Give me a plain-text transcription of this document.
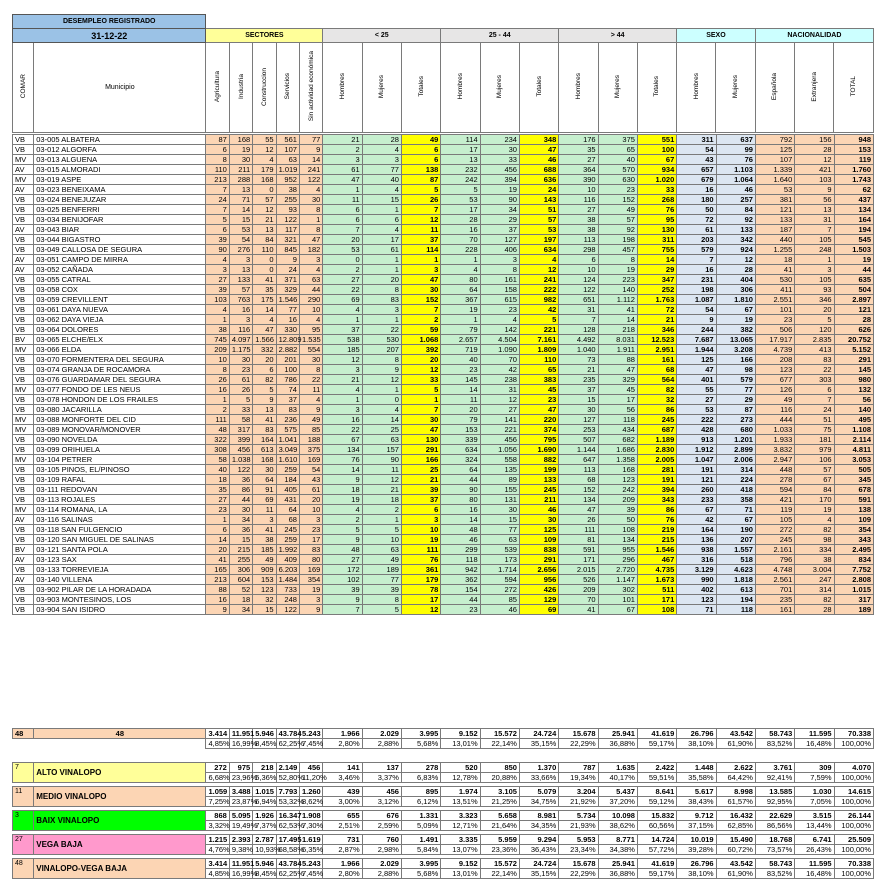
DESEMPLEO REGISTRADO																				
31-12-22		SECTORES					< 25			25 - 44			> 44			SEXO		NACIONALIDAD		
COMAR	Municipio	Agricultura	Industria	Construccion	Servicios	Sin actividad económica	Hombres	Mujeres	Totales	Hombres	Mujeres	Totales	Hombres	Mujeres	Totales	Hombres	Mujeres	Española	Extranjera	TOTAL
VB	03-005 ALBATERA	87	168	55	561	77	21	28	49	114	234	348	176	375	551	311	637	792	156	948
VB	03-012 ALGORFA	6	19	12	107	9	2	4	6	17	30	47	35	65	100	54	99	125	28	153
MV	03-013 ALGUENA	8	30	4	63	14	3	3	6	13	33	46	27	40	67	43	76	107	12	119
AV	03-015 ALMORADI	110	211	179	1.019	241	61	77	138	232	456	688	364	570	934	657	1.103	1.339	421	1.760
MV	03-019 ASPE	213	288	168	952	122	47	40	87	242	394	636	390	630	1.020	679	1.064	1.640	103	1.743
AV	03-023 BENEIXAMA	7	13	0	38	4	1	4	5	5	19	24	10	23	33	16	46	53	9	62
VB	03-024 BENEJUZAR	24	71	57	255	30	11	15	26	53	90	143	116	152	268	180	257	381	56	437
VB	03-025 BENFERRI	7	14	12	93	8	6	1	7	17	34	51	27	49	76	50	84	121	13	134
VB	03-034 BENIJOFAR	5	15	21	122	1	6	6	12	28	29	57	38	57	95	72	92	133	31	164
AV	03-043 BIAR	6	53	13	117	8	7	4	11	16	37	53	38	92	130	61	133	187	7	194
VB	03-044 BIGASTRO	39	54	84	321	47	20	17	37	70	127	197	113	198	311	203	342	440	105	545
VB	03-049 CALLOSA DE SEGURA	90	276	110	845	182	53	61	114	228	406	634	298	457	755	579	924	1.255	248	1.503
AV	03-051 CAMPO DE MIRRA	4	3	0	9	3	0	1	1	1	3	4	6	8	14	7	12	18	1	19
AV	03-052 CAÑADA	3	13	0	24	4	2	1	3	4	8	12	10	19	29	16	28	41	3	44
VB	03-055 CATRAL	27	133	41	371	63	27	20	47	80	161	241	124	223	347	231	404	530	105	635
VB	03-058 COX	39	57	35	329	44	22	8	30	64	158	222	122	140	252	198	306	411	93	504
VB	03-059 CREVILLENT	103	763	175	1.546	290	69	83	152	367	615	982	651	1.112	1.763	1.087	1.810	2.551	346	2.897
VB	03-061 DAYA NUEVA	4	16	14	77	10	4	3	7	19	23	42	31	41	72	54	67	101	20	121
VB	03-062 DAYA VIEJA	1	3	4	16	4	1	1	2	1	4	5	7	14	21	9	19	23	5	28
VB	03-064 DOLORES	38	116	47	330	95	37	22	59	79	142	221	128	218	346	244	382	506	120	626
BV	03-065 ELCHE/ELX	745	4.097	1.566	12.809	1.535	538	530	1.068	2.657	4.504	7.161	4.492	8.031	12.523	7.687	13.065	17.917	2.835	20.752
MV	03-066 ELDA	209	1.175	332	2.882	554	185	207	392	719	1.090	1.809	1.040	1.911	2.951	1.944	3.208	4.739	413	5.152
VB	03-070 FORMENTERA DEL SEGURA	10	30	20	201	30	12	8	20	40	70	110	73	88	161	125	166	208	83	291
VB	03-074 GRANJA DE ROCAMORA	8	23	6	100	8	3	9	12	23	42	65	21	47	68	47	98	123	22	145
VB	03-076 GUARDAMAR DEL SEGURA	26	61	82	786	22	21	12	33	145	238	383	235	329	564	401	579	677	303	980
MV	03-077 FONDO DE LES NEUS	16	26	5	74	11	4	1	5	14	31	45	37	45	82	55	77	126	6	132
VB	03-078 HONDON DE LOS FRAILES	1	5	9	37	4	1	0	1	11	12	23	15	17	32	27	29	49	7	56
VB	03-080 JACARILLA	2	33	13	83	9	3	4	7	20	27	47	30	56	86	53	87	116	24	140
MV	03-088 MONFORTE DEL CID	111	58	41	236	49	16	14	30	79	141	220	127	118	245	222	273	444	51	495
MV	03-089 MONOVAR/MONOVER	48	317	83	575	85	22	25	47	153	221	374	253	434	687	428	680	1.033	75	1.108
VB	03-090 NOVELDA	322	399	164	1.041	188	67	63	130	339	456	795	507	682	1.189	913	1.201	1.933	181	2.114
VB	03-099 ORIHUELA	308	456	613	3.049	375	134	157	291	634	1.056	1.690	1.144	1.686	2.830	1.912	2.899	3.832	979	4.811
MV	03-104 PETRER	58	1.038	168	1.610	169	76	90	166	324	558	882	647	1.358	2.005	1.047	2.006	2.947	106	3.053
VB	03-105 PINOS, EL/PINOSO	40	122	30	259	54	14	11	25	64	135	199	113	168	281	191	314	448	57	505
VB	03-109 RAFAL	18	36	64	184	43	9	12	21	44	89	133	68	123	191	121	224	278	67	345
VB	03-111 REDOVAN	35	86	91	405	61	18	21	39	90	155	245	152	242	394	260	418	594	84	678
VB	03-113 ROJALES	27	44	69	431	20	19	18	37	80	131	211	134	209	343	233	358	421	170	591
MV	03-114 ROMANA, LA	23	30	11	64	10	4	2	6	16	30	46	47	39	86	67	71	119	19	138
AV	03-116 SALINAS	1	34	3	68	3	2	1	3	14	15	30	26	50	76	42	67	105	4	109
VB	03-118 SAN FULGENCIO	6	36	41	245	23	5	5	10	48	77	125	111	108	219	164	190	272	82	354
VB	03-120 SAN MIGUEL DE SALINAS	14	15	38	259	17	9	10	19	46	63	109	81	134	215	136	207	245	98	343
BV	03-121 SANTA POLA	20	215	185	1.992	83	48	63	111	299	539	838	591	955	1.546	938	1.557	2.161	334	2.495
AV	03-123 SAX	41	255	49	409	80	27	49	76	118	173	291	171	296	467	316	518	796	38	834
VB	03-133 TORREVIEJA	165	306	909	6.203	169	172	189	361	942	1.714	2.656	2.015	2.720	4.735	3.129	4.623	4.748	3.004	7.752
AV	03-140 VILLENA	213	604	153	1.484	354	102	77	179	362	594	956	526	1.147	1.673	990	1.818	2.561	247	2.808
VB	03-902 PILAR DE LA HORADADA	88	52	123	733	19	39	39	78	154	272	426	209	302	511	402	613	701	314	1.015
VB	03-903 MONTESINOS, LOS	16	18	32	248	3	9	8	17	44	85	129	70	101	171	123	194	235	82	317
VB	03-904 SAN ISIDRO	9	34	15	122	9	7	5	12	23	46	69	41	67	108	71	118	161	28	189
48	48	3.414	11.951	5.946	43.784	5.243	1.966	2.029	3.995	9.152	15.572	24.724	15.678	25.941	41.619	26.796	43.542	58.743	11.595	70.338
		4,85%	16,99%	8,45%	62,25%	7,45%	2,80%	2,88%	5,68%	13,01%	22,14%	35,15%	22,29%	36,88%	59,17%	38,10%	61,90%	83,52%	16,48%	100,00%
7	ALTO VINALOPO	272	975	218	2.149	456	141	137	278	520	850	1.370	787	1.635	2.422	1.448	2.622	3.761	309	4.070
		6,68%	23,96%	5,36%	52,80%	11,20%	3,46%	3,37%	6,83%	12,78%	20,88%	33,66%	19,34%	40,17%	59,51%	35,58%	64,42%	92,41%	7,59%	100,00%

11	MEDIO VINALOPO	1.059	3.488	1.015	7.793	1.260	439	456	895	1.974	3.105	5.079	3.204	5.437	8.641	5.617	8.998	13.585	1.030	14.615
		7,25%	23,87%	6,94%	53,32%	8,62%	3,00%	3,12%	6,12%	13,51%	21,25%	34,75%	21,92%	37,20%	59,12%	38,43%	61,57%	92,95%	7,05%	100,00%

3	BAIX VINALOPO	868	5.095	1.926	16.347	1.908	655	676	1.331	3.323	5.658	8.981	5.734	10.098	15.832	9.712	16.432	22.629	3.515	26.144
		3,32%	19,49%	7,37%	62,53%	7,30%	2,51%	2,59%	5,09%	12,71%	21,64%	34,35%	21,93%	38,62%	60,56%	37,15%	62,85%	86,56%	13,44%	100,00%

27	VEGA BAJA	1.215	2.393	2.787	17.495	1.619	731	760	1.491	3.335	5.959	9.294	5.953	8.771	14.724	10.019	15.490	18.768	6.741	25.509
		4,76%	9,38%	10,93%	68,58%	6,35%	2,87%	2,98%	5,84%	13,07%	23,36%	36,43%	23,34%	34,38%	57,72%	39,28%	60,72%	73,57%	26,43%	100,00%

48	VINALOPO-VEGA BAJA	3.414	11.951	5.946	43.784	5.243	1.966	2.029	3.995	9.152	15.572	24.724	15.678	25.941	41.619	26.796	43.542	58.743	11.595	70.338
		4,85%	16,99%	8,45%	62,25%	7,45%	2,80%	2,88%	5,68%	13,01%	22,14%	35,15%	22,29%	36,88%	59,17%	38,10%	61,90%	83,52%	16,48%	100,00%
